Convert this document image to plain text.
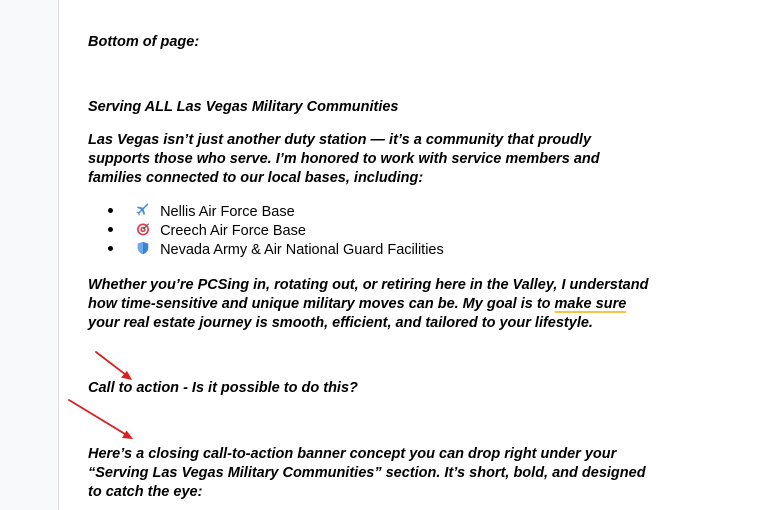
Bottom of page:

Serving ALL Las Vegas Military Communities

Las Vegas isn’t just another duty station — it’s a community that proudly

supports those who serve. I’m honored to work with service members and

families connected to our local bases, including:

Nellis Air Force Base
Creech Air Force Base
Nevada Army & Air National Guard Facilities

Whether you’re PCSing in, rotating out, or retiring here in the Valley, I understand

how time-sensitive and unique military moves can be. My goal is to make sure

your real estate journey is smooth, efficient, and tailored to your lifestyle.

Call to action - Is it possible to do this?

Here’s a closing call-to-action banner concept you can drop right under your

“Serving Las Vegas Military Communities” section. It’s short, bold, and designed

to catch the eye:
